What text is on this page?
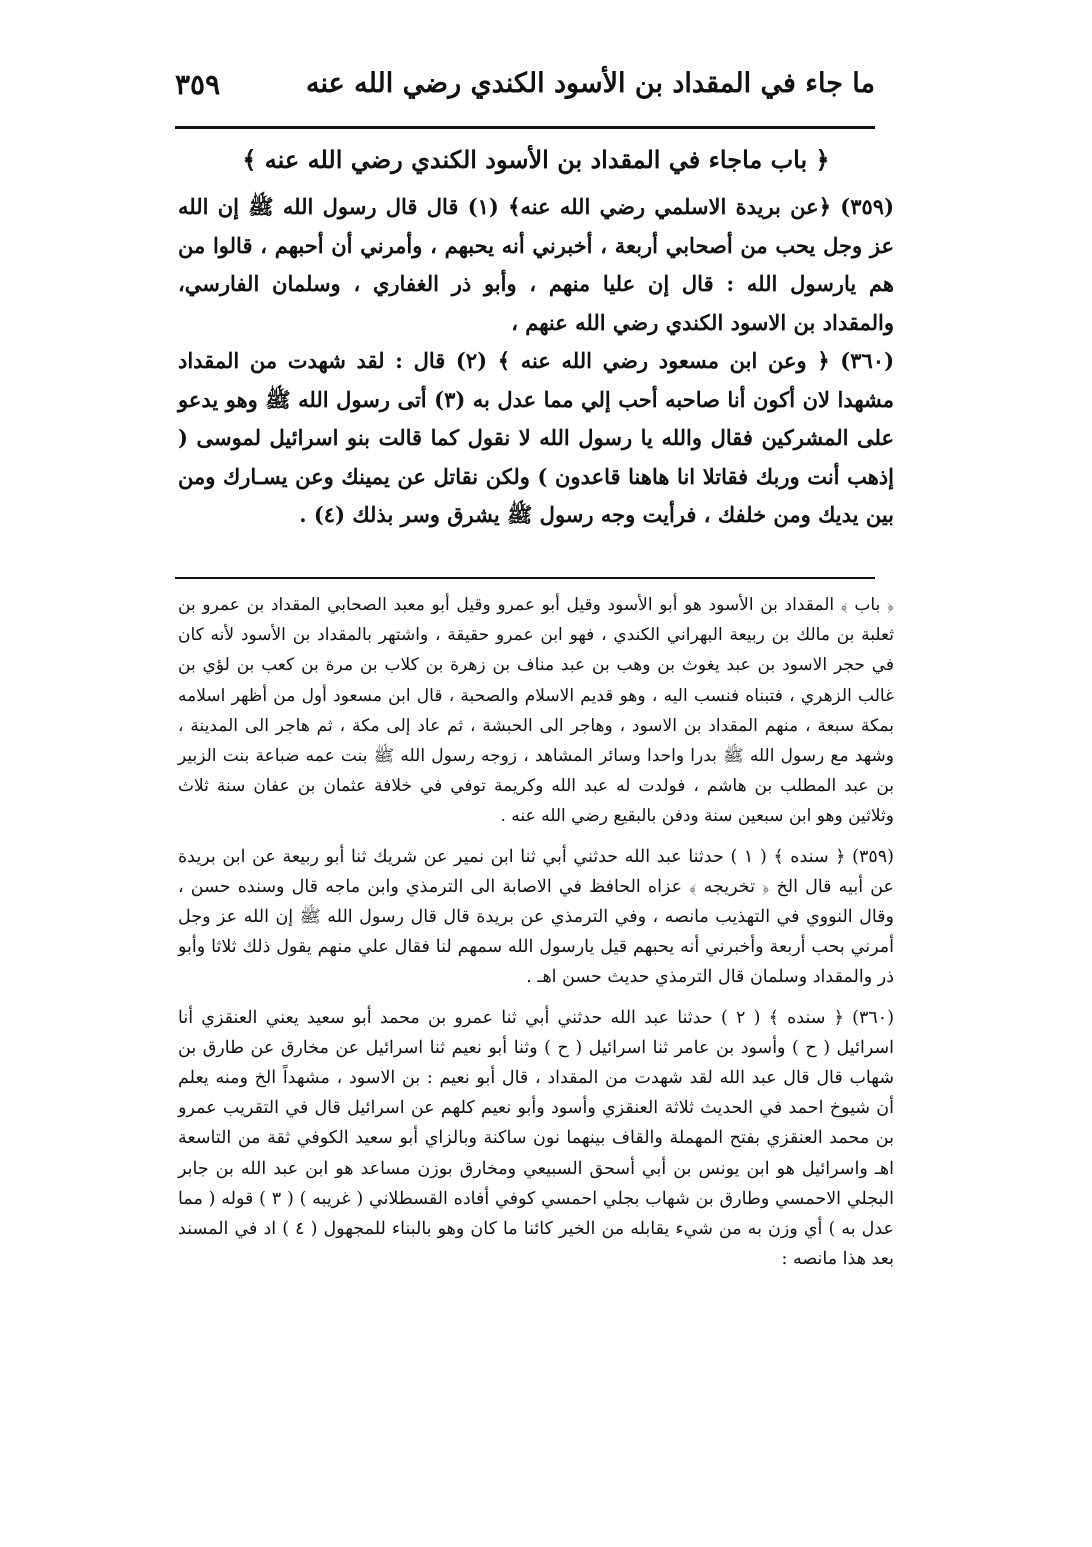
ما جاء في المقداد بن الأسود الكندي رضي الله عنه
٣٥٩

﴿ باب ماجاء في المقداد بن الأسود الكندي رضي الله عنه ﴾

(٣٥٩) ﴿عن بريدة الاسلمي رضي الله عنه﴾ (١) قال قال رسول الله ﷺ إن الله عز وجل يحب من أصحابي أربعة ، أخبرني أنه يحبهم ، وأمرني أن أحبهم ، قالوا من هم يارسول الله : قال إن عليا منهم ، وأبو ذر الغفاري ، وسلمان الفارسي، والمقداد بن الاسود الكندي رضي الله عنهم ،

(٣٦٠) ﴿ وعن ابن مسعود رضي الله عنه ﴾ (٢) قال : لقد شهدت من المقداد مشهدا لان أكون أنا صاحبه أحب إلي مما عدل به (٣) أتى رسول الله ﷺ وهو يدعو على المشركين فقال والله يا رسول الله لا نقول كما قالت بنو اسرائيل لموسى ( إذهب أنت وربك فقاتلا انا هاهنا قاعدون ) ولكن نقاتل عن يمينك وعن يسـارك ومن بين يديك ومن خلفك ، فرأيت وجه رسول ﷺ يشرق وسر بذلك (٤) .

﴿ باب ﴾ المقداد بن الأسود هو أبو الأسود وقيل أبو عمرو وقيل أبو معبد الصحابي المقداد بن عمرو بن ثعلبة بن مالك بن ربيعة البهراني الكندي ، فهو ابن عمرو حقيقة ، واشتهر بالمقداد بن الأسود لأنه كان في حجر الاسود بن عبد يغوث بن وهب بن عبد مناف بن زهرة بن كلاب بن مرة بن كعب بن لؤي بن غالب الزهري ، فتبناه فنسب اليه ، وهو قديم الاسلام والصحبة ، قال ابن مسعود أول من أظهر اسلامه بمكة سبعة ، منهم المقداد بن الاسود ، وهاجر الى الحبشة ، ثم عاد إلى مكة ، ثم هاجر الى المدينة ، وشهد مع رسول الله ﷺ بدرا واحدا وسائر المشاهد ، زوجه رسول الله ﷺ بنت عمه ضباعة بنت الزبير بن عبد المطلب بن هاشم ، فولدت له عبد الله وكريمة توفي في خلافة عثمان بن عفان سنة ثلاث وثلاثين وهو ابن سبعين سنة ودفن بالبقيع رضي الله عنه .

(٣٥٩) ﴿ سنده ﴾ ( ١ ) حدثنا عبد الله حدثني أبي ثنا ابن نمير عن شريك ثنا أبو ربيعة عن ابن بريدة عن أبيه قال الخ ﴿ تخريجه ﴾ عزاه الحافظ في الاصابة الى الترمذي وابن ماجه قال وسنده حسن ، وقال النووي في التهذيب مانصه ، وفي الترمذي عن بريدة قال قال رسول الله ﷺ إن الله عز وجل أمرني بحب أربعة وأخبرني أنه يحبهم قيل يارسول الله سمهم لنا فقال علي منهم يقول ذلك ثلاثا وأبو ذر والمقداد وسلمان قال الترمذي حديث حسن اهـ .

(٣٦٠) ﴿ سنده ﴾ ( ٢ ) حدثنا عبد الله حدثني أبي ثنا عمرو بن محمد أبو سعيد يعني العنقزي أنا اسرائيل ( ح ) وأسود بن عامر ثنا اسرائيل ( ح ) وثنا أبو نعيم ثنا اسرائيل عن مخارق عن طارق بن شهاب قال قال عبد الله لقد شهدت من المقداد ، قال أبو نعيم : بن الاسود ، مشهداً الخ ومنه يعلم أن شيوخ احمد في الحديث ثلاثة العنقزي وأسود وأبو نعيم كلهم عن اسرائيل قال في التقريب عمرو بن محمد العنقزي بفتح المهملة والقاف بينهما نون ساكنة وبالزاي أبو سعيد الكوفي ثقة من التاسعة اهـ واسرائيل هو ابن يونس بن أبي أسحق السبيعي ومخارق بوزن مساعد هو ابن عبد الله بن جابر البجلي الاحمسي وطارق بن شهاب بجلي احمسي كوفي أفاده القسطلاني ( غريبه ) ( ٣ ) قوله ( مما عدل به ) أي وزن به من شيء يقابله من الخير كائنا ما كان وهو بالبناء للمجهول ( ٤ ) اد في المسند بعد هذا مانصه :
